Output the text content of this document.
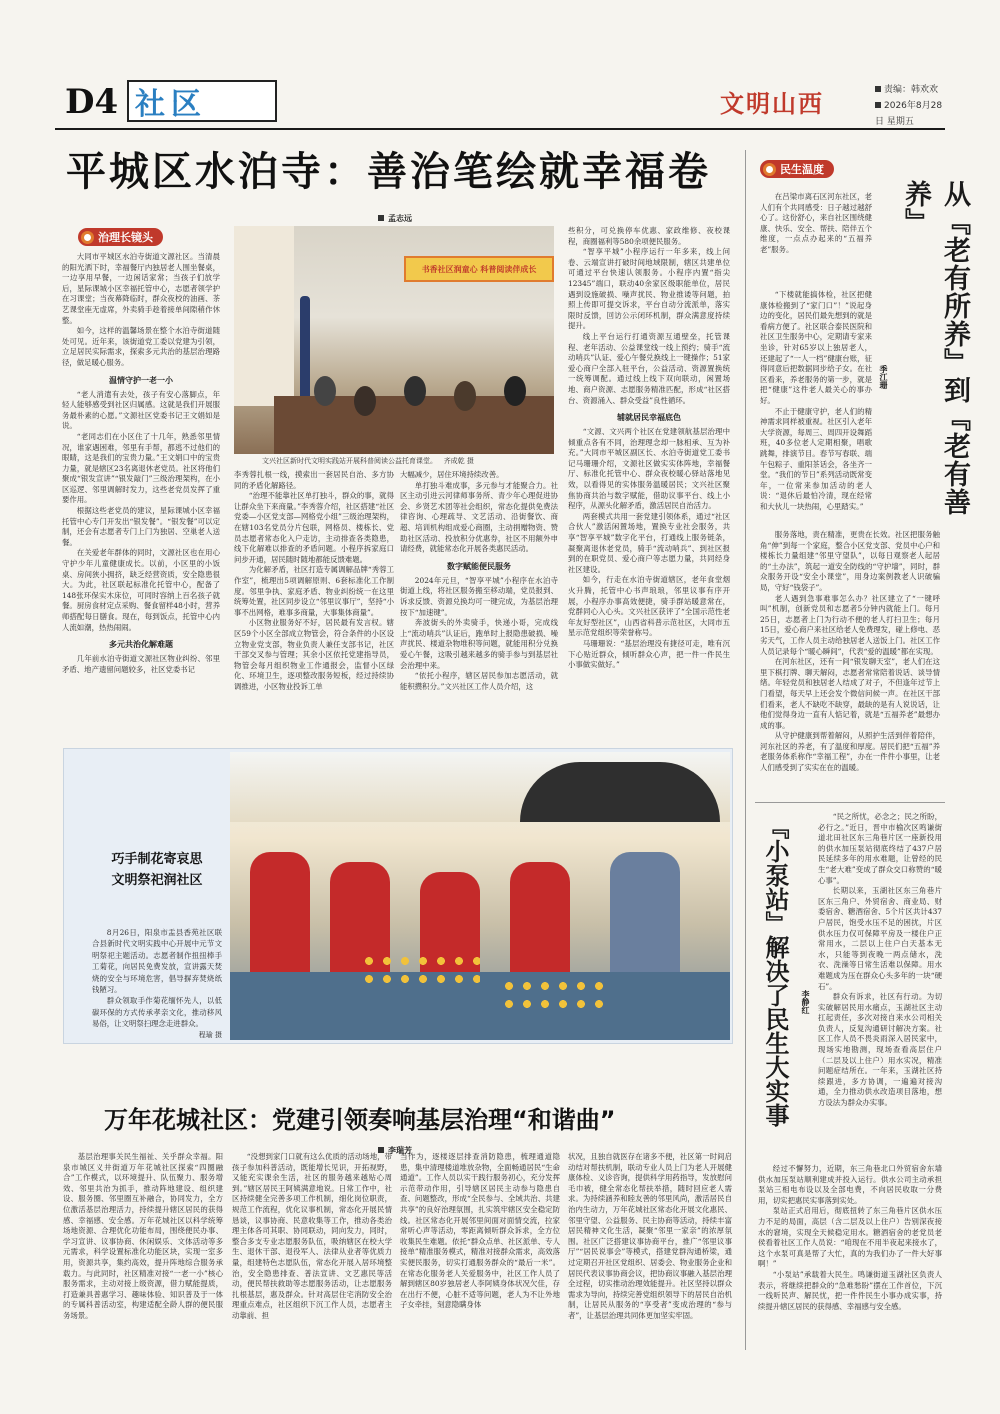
D4 社区	文明山西	责编：韩欢欢
2026年8月28日 星期五
平城区水泊寺：善治笔绘就幸福卷
孟志远
治理长镜头

大同市平城区水泊寺街道文源社区。当清晨的阳光洒下时，幸福餐厅内独居老人围坐餐桌，一边享用早餐，一边闲话家常；当孩子们放学后，星际课城小区幸福托管中心，志愿者领学护在习课堂；当夜幕降临时，群众夜校的油画、茶艺课堂座无虚席，外卖骑手趁着接单间隙稍作休整。

如今，这样的温馨场景在整个水泊寺街道随处可见。近年来，该街道党工委以党建为引领，立足居民实际需求，探索多元共治的基层治理路径，做足暖心服务。

温情守护一老一小

“老人消遣有去处，孩子有安心落脚点，年轻人能够感受到社区归属感。这就是我们开展服务最朴素的心愿。”文源社区党委书记王文娟如是说。

“老同志们在小区住了十几年，熟悉邻里情况，谁家遇困难，邻里有手帮，都逃不过他们的眼睛，这是我们的宝贵力量。”王文娟口中的宝贵力量，就是辖区23名离退休老党员。社区将他们聚成“银发宣讲”“银发敲门”三级治理架构，在小区巡逻、邻里调解时发力，这些老党员发挥了重要作用。

根据这些老党员的建议，星际课城小区幸福托管中心专门开发出“银发餐”。“银发餐”可以定制，还会有志愿者专门上门为独居、空巢老人送餐。

在关爱老年群体的同时，文源社区也在用心守护少年儿童健康成长。以前，小区里的小饭桌、房间狭小拥挤，缺乏经营资质，安全隐患很大。为此，社区联起标准化托管中心，配备了148张环保实木床位，可同时容纳上百名孩子就餐。厨房食材定点采购、餐食留样48小时，营养师搭配每日膳食。现在，每到饭点，托管中心内人流如潮，热热闹闹。

多元共治化解难题

几年前水泊寺街道文源社区物业纠纷、邻里矛盾、地产遗留问题较多，社区党委书记

书香社区润童心 科普阅读伴成长
文兴社区新时代文明实践站开展科普阅读公益托育课堂。 齐成乾 摄

李秀蓉扎根一线，摸索出一套居民自治、多方协同的矛盾化解路径。

“治理不能靠社区单打独斗，群众的事，就得让群众坐下来商量。”李秀蓉介绍，社区搭建“社区党委—小区党支部—网格党小组”三级治理架构，在辖103名党员分片包联，网格员、楼栋长、党员志愿者常态化入户走访，主动排查各类隐患，线下化解难以排查的矛盾问题。小程序拆家庭口问步开通，居民随时随地都能反馈难题。

为化解矛盾，社区打造专属调解品牌“秀蓉工作室”，梳理出5项调解原则、6套标准化工作制度。邻里争执、家庭矛盾、物业纠纷统一在这里统筹处置，社区同步设立“邻里议事厅”，坚持“小事不出网格，难事多商量，大事集体商量”。

小区物业服务好不好，居民最有发言权。辖区59个小区全部成立物管会，符合条件的小区设立物业党支部，物业负责人兼任支部书记，社区干部交叉参与管理；其余小区依托党建指导员，物管会每月组织物业工作通报会，监督小区绿化、环境卫生，逐项整改服务短板，经过持续协调推进，小区物业投诉工单

大幅减少，居住环境持续改善。

单打独斗难成事，多元参与才能聚合力。社区主动引进云河律师事务所、青少年心理促进协会、乡贤艺术团等社会组织，常态化提供免费法律咨询、心理疏导、文艺活动、沿街餐饮、商超、培训机构组成爱心商圈，主动捐赠物资、赞助社区活动、投放积分优惠券，社区不用额外申请经费，就能常态化开展各类惠民活动。

数字赋能便民服务

2024年元旦，“智享平城”小程序在水泊寺街道上线，将社区服务搬至移动端，党员报到、诉求反馈、资源兑换均可一键完成，为基层治理按下“加速键”。

奔波街头的外卖骑手，快递小哥，完成线上“流动哨兵”认证后，跑单时上报隐患破损、噪声扰民、楼道杂物堆积等问题，就能用积分兑换爱心午餐，这吸引越来越多的骑手参与到基层社会治理中来。

“依托小程序，辖区居民参加志愿活动，就能积攒积分。”文兴社区工作人员介绍，这

些积分，可兑换停车优惠、家政维修、夜校课程，商圈福利等580余项便民服务。

“智享平城”小程序运行一年多来，线上问卷、云端宣讲打破时间地域限制，辖区共建单位可通过平台快速认领服务。小程序内置“指尖12345”端口，联动40余家区级职能单位，居民遇到设施破损、噪声扰民、物业推诿等问题，拍照上传即可提交诉求，平台自动分流派单，落实限时反馈，回访公示闭环机制，群众满意度持续提升。

线上平台运行打通资源互通壁垒，托管课程、老年活动、公益课堂线一线上预约；骑手“流动哨兵”认证、爱心午餐兑换线上一键操作；51家爱心商户全部入驻平台，公益活动、资源置换统一统筹调配。通过线上线下双向联动，闲置场地、商户资源、志愿服务精准匹配，形成“社区搭台、资源涌入、群众受益”良性循环。

辅就居民幸福底色

“文源、文兴两个社区在党建领航基层治理中倾重点各有不同，治理理念却一脉相承、互为补充。”大同市平城区副区长、水泊寺街道党工委书记马珊珊介绍，文源社区做实实体阵地，幸福餐厅、标准化托管中心、群众夜校暖心驿站落地见效，以看得见的实体服务温暖居民；文兴社区聚焦协商共治与数字赋能，借助议事平台、线上小程序，从源头化解矛盾，激活居民自治活力。

两套模式共用一套党建引领体系，通过“社区合伙人”激活闲置场地，置换专业社会服务，共享“智享平城”数字化平台，打通线上服务链条，凝聚离退休老党员，骑手“流动哨兵”、到社区报到的在职党员、爱心商户等志愿力量，共同经身社区建设。

如今，行走在水泊寺街道辖区，老年食堂烟火升腾，托管中心书声琅琅，邻里议事有序开展，小程序办事高效便捷，骑手群站暖意常在，党群同心入心头。文兴社区获评了“全国示范性老年友好型社区”，山西省科普示范社区，大同市五星示范党组织等荣誉称号。

马珊珊说：“基层治理没有捷径可走，唯有沉下心贴近群众，倾听群众心声，把一件一件民生小事做实做好。”

民生温度
从『老有所养』到『老有善养』
季江珊

在吕梁市离石区河东社区，老人们有个共同感受：日子越过越舒心了。这份舒心，来自社区围绕健康、快乐、安全、帮扶、陪伴五个维度，一点点办起来的“五福养老”服务。

“下楼就能搞体检，社区把健康体检搬到了“家门口”！”说起身边的变化，居民们最先想到的就是看病方便了。社区联合泰民医院和社区卫生服务中心，定期请专家来坐诊，针对65岁以上独居老人，还建起了“一人一档”健康台账，征得同意后把数据同步给子女。在社区看来，养老服务的第一步，就是把“健康”这件老人最关心的事办好。

不止于健康守护，老人们的精神需求同样被重视。社区引入老年大学资源，每周三、周四开设舞蹈班，40多位老人定期相聚，唱歌跳舞，排演节目。春节写春联、端午包粽子、重阳茶话会，各坐齐一堂。“我们的节日”系列活动既常变年，一位常来参加活动的老人说：“退休后最怕冷清，现在经常和大伙儿一块热闹，心里踏实。”

服务落地，责在精准，更贵在长效。社区把服务触角“伸”到每一个家庭，整合小区党支部、党员中心户和楼栋长力量组建“邻里守望队”，以每日观察老人起居的“土办法”，筑起一道安全防线的“守护墙”，同时，群众服务开设“安全小课堂”，用身边案例教老人识破骗局，守好“钱袋子”。

老人遇到急事难事怎么办？社区建立了“一键呼叫”机制，创新党员和志愿者5分钟内就能上门。每月25日，志愿者上门为行动不便的老人打扫卫生；每月15日，爱心商户来社区给老人免费理发，碰上修电、恶劣天气，工作人员主动给独居老人送饭上门。社区工作人员记录每个“暖心瞬间”，代表“爱的温暖”都在实现。

在河东社区，还有一间“银发聊天室”，老人们在这里下棋打牌、聊天解闷，志愿者常常陪着说话、谈导情绪。年轻党员和独居老人结成了对子，不但逢年过节上门看望，每天早上还会发个微信问候一声。在社区干部们看来，老人不缺吃不缺穿，最缺的是有人说说话，让他们觉得身边一直有人惦记着，就是“五福养老”最想办成的事。

从守护健康到帮着解闷，从照护生活到伴着陪伴，河东社区的养老，有了温度和厚度。居民们把“五福”养老服务体系称作“幸福工程”，办在一件件小事里，让老人们感受到了实实在在的温暖。

『小泵站』解决了民生大实事	李静红

“民之所忧，必念之；民之所盼，必行之。”近日，晋中市榆次区鸣谦街道北田社区东三角巷片区一座新投用的供水加压泵站彻底终结了437户居民延续多年的用水难题，让曾经的民生“老大难”变成了群众交口称赞的“暖心事”。

长期以来，玉湖社区东三角巷片区东三角户、外贸宿舍、商业局、财委宿舍、糖酒宿舍、5个片区共计437户居民，饱受水压不足的困扰，片区供水压力仅可保障平房及一楼住户正常用水，二层以上住户白天基本无水，只能等到夜晚一两点储水，洗衣、洗澡等日常生活难以保障。用水难题成为压在群众心头多年的一块“硬石”。

群众有诉求，社区有行动。为切实破解居民用水痛点，玉湖社区主动扛起责任，多次对接自来水公司相关负责人，反复沟通研讨解决方案。社区工作人员不畏炎雨深入居民家中，现场实地勘测，现场查看高层住户（二层及以上住户）用水实况，精准问题症结所在。一年来，玉湖社区持续跟进，多方协调，一遍遍对接沟通，全力推动供水改造项目落地，想方设法为群众办实事。

经过不懈努力，近期，东三角巷北口外贸宿舍东墙供水加压泵站顺利建成并投入运行。供水公司主动承担泵站三相电布设以及全部电费，不向居民收取一分费用，切实把惠民实事落到实处。

泵站正式启用后，彻底扭转了东三角巷片区供水压力不足的局面，高层（含二层及以上住户）告别深夜接水的窘境，实现全天候稳定用水。糖酒宿舍的老党员老侯看着社区工作人员说：“咱现在不用半夜起来接水了，这个水泵可真是帮了大忙，真的为我们办了一件大好事啊！”

“小泵站”承载着大民生。鸣谦街道玉湖社区负责人表示，将继续把群众的“急难愁盼”摆在工作首位，下沉一线听民声、解民忧，把一件件民生小事办成实事，持续提升辖区居民的获得感、幸福感与安全感。

巧手制花寄哀思
文明祭祀润社区

8月26日，阳泉市盂县香苑社区联合县新时代文明实践中心开展中元节文明祭祀主题活动。志愿者制作扭扭棒手工菊花，向居民免费发放，宣讲露天焚烧的安全与环境危害，倡导摒弃焚烧纸钱陋习。

群众领取手作菊花缅怀先人，以低碳环保的方式传承孝亲文化，推动移风易俗，让文明祭扫理念走进群众。

程瑜 摄
万年花城社区：党建引领奏响基层治理“和谐曲”
李瑞芳

基层治理事关民生福祉、关乎群众幸福。阳泉市城区义井街道万年花城社区探索“四圈融合”工作模式，以环境提升、队伍聚力、服务增效、邻里共治为抓手，推动阵地建设、组织建设、服务圈、邻里圈互补融合，协同发力，全方位激活基层治理活力，持续提升辖区居民的获得感、幸福感、安全感。万年花城社区以科学统筹场地资源、合理优化功能布局，围绕便民办事、学习宣讲、议事协商、休闲娱乐、文体活动等多元需求，科学设置标准化功能区块，实现一室多用，资源共享，集约高效，提升阵地综合服务承载力。与此同时，社区精准对接“一老一小”核心服务需求，主动对接上级资源，借力赋能提质，打造兼具普惠学习、趣味体验、知识普及于一体的专属科普活动室，构建适配全龄人群的便民服务场景。

“没想到家门口就有这么优质的活动场地，带孩子参加科普活动，既能增长见识，开拓视野，又能充实课余生活，社区的服务越来越贴心周到。”辖区居民王阿姨满意地说。日常工作中，社区持续健全完善多项工作机制，细化岗位职责，规范工作流程，优化议事机制，常态化开展民情恳谈，议事协商、民意收集等工作，推动各类治理主体各司其职、协同联动，同向发力，同时，整合多支专业志愿服务队伍，吸纳辖区在校大学生、退休干部、退役军人、法律从业者等优质力量，组建特色志愿队伍，常态化开展入居环境整治，安全隐患排查、普法宣讲、文艺惠民等活动，便民帮扶救助等志愿服务活动，让志愿服务扎根基层，惠及群众。针对高层住宅消防安全治理重点难点，社区组织下沉工作人员，志愿者主动靠前、担

当作为，逐楼逐层排查消防隐患，梳理通道隐患，集中清理楼道堆放杂物，全面畅通居民“生命通道”。工作人员以实干践行服务初心，充分发挥示范带动作用，引导辖区居民主动参与隐患自查、问题整改，形成“全民参与、全域共治、共建共享”的良好治理氛围，扎实筑牢辖区安全稳定防线。社区常态化开展邻里间面对面情交流，拉家常听心声等活动，零距离倾听群众诉求，全方位收集民生难题。依托“群众点单、社区派单、专人接单”精准服务模式，精准对接群众需求，高效落实便民服务，切实打通服务群众的“最后一米”。在常态化服务老人关爱服务中，社区工作人员了解到辖区80岁独居老人李阿姨身体状况欠佳，存在出行不便，心脏不适等问题，老人为不让外地子女牵挂，刻意隐瞒身体

状况，且独自就医存在诸多不便，社区第一时间启动结对帮扶机制，联动专业人员上门为老人开展健康体检、义诊咨询，提供科学用药指导，发放慰问毛巾被，健全常态化帮扶举措，随时回应老人需求。为持续涵养和睦友善的邻里风尚，激活居民自治内生动力，万年花城社区常态化开展文化惠民、邻里守望、公益服务、民主协商等活动，持续丰富居民精神文化生活，凝聚“邻里一家亲”的浓厚氛围。社区广泛搭建议事协商平台，推广“邻里议事厅”“居民说事会”等模式，搭建党群沟通桥梁，通过定期召开社区党组织、居委会、物业服务企业和居民代表议事协商会议，把协商议事融入基层治理全过程，切实推动治理效能提升。社区坚持以群众需求为导向，持续完善党组织领导下的居民自治机制，让居民从服务的“享受者”变成治理的“参与者”，让基层治理共同体更加坚实牢固。
